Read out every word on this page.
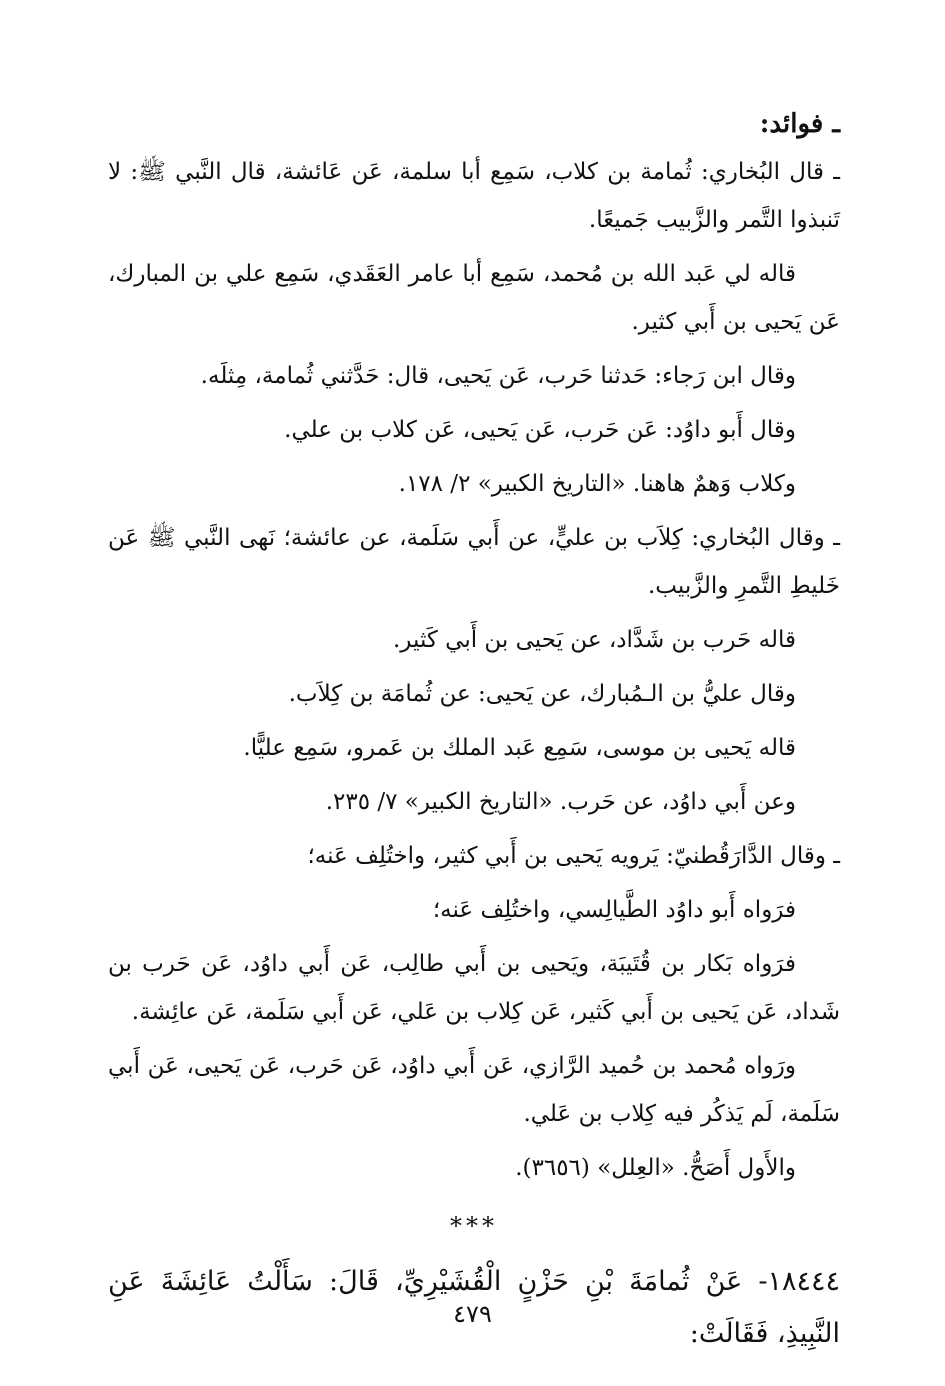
ـ فوائد:

ـ قال البُخاري: ثُمامة بن كلاب، سَمِع أبا سلمة، عَن عَائشة، قال النَّبي ﷺ: لا تَنبذوا التَّمر والزَّبيب جَميعًا.

قاله لي عَبد الله بن مُحمد، سَمِع أبا عامر العَقَدي، سَمِع علي بن المبارك، عَن يَحيى بن أَبي كثير.

وقال ابن رَجاء: حَدثنا حَرب، عَن يَحيى، قال: حَدَّثني ثُمامة، مِثلَه.

وقال أَبو داوُد: عَن حَرب، عَن يَحيى، عَن كلاب بن علي.

وكلاب وَهمٌ هاهنا. «التاريخ الكبير» ٢/ ١٧٨.

ـ وقال البُخاري: كِلاَب بن عليٍّ، عن أَبي سَلَمة، عن عائشة؛ نَهى النَّبي ﷺ عَن خَليطِ التَّمرِ والزَّبيب.

قاله حَرب بن شَدَّاد، عن يَحيى بن أَبي كَثير.

وقال عليُّ بن الـمُبارك، عن يَحيى: عن ثُمامَة بن كِلاَب.

قاله يَحيى بن موسى، سَمِع عَبد الملك بن عَمرو، سَمِع عليًّا.

وعن أَبي داوُد، عن حَرب. «التاريخ الكبير» ٧/ ٢٣٥.

ـ وقال الدَّارَقُطنيّ: يَرويه يَحيى بن أَبي كثير، واختُلِف عَنه؛

فرَواه أَبو داوُد الطَّيالِسي، واختُلِف عَنه؛

فرَواه بَكار بن قُتَيبَة، ويَحيى بن أَبي طالِب، عَن أَبي داوُد، عَن حَرب بن شَداد، عَن يَحيى بن أَبي كَثير، عَن كِلاب بن عَلي، عَن أَبي سَلَمة، عَن عائِشة.

ورَواه مُحمد بن حُميد الرَّازي، عَن أَبي داوُد، عَن حَرب، عَن يَحيى، عَن أَبي سَلَمة، لَم يَذكُر فيه كِلاب بن عَلي.

والأَول أَصَحُّ. «العِلل» (٣٦٥٦).

***

١٨٤٤٤- عَنْ ثُمامَةَ بْنِ حَزْنٍ الْقُشَيْرِيِّ، قَالَ: سَأَلْتُ عَائِشَةَ عَنِ النَّبِيذِ، فَقَالَتْ:

٤٧٩
